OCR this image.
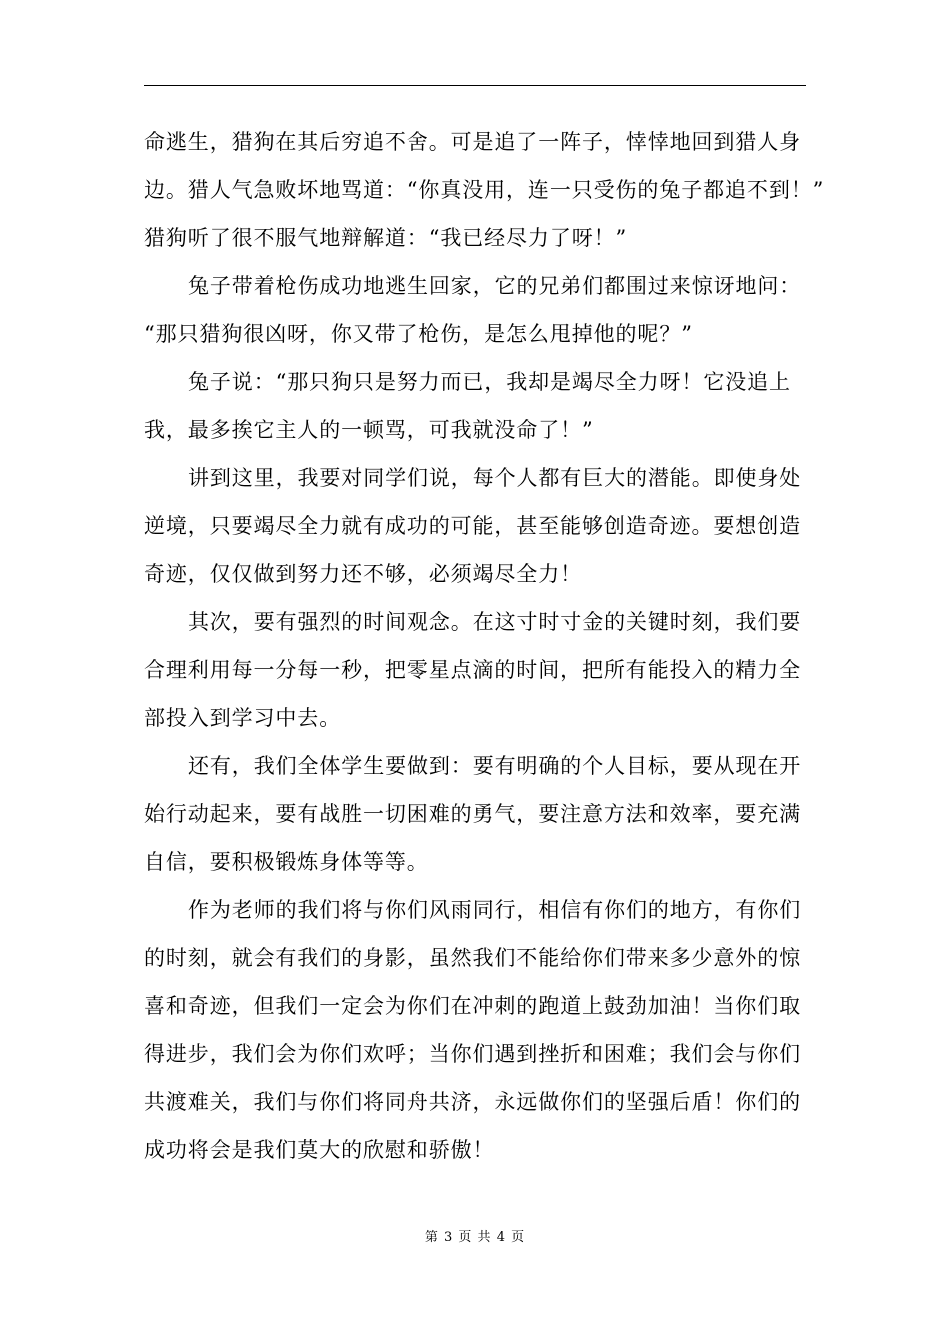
命逃生，猎狗在其后穷追不舍。可是追了一阵子，悻悻地回到猎人身
边。猎人气急败坏地骂道：“你真没用，连一只受伤的兔子都追不到！”
猎狗听了很不服气地辩解道：“我已经尽力了呀！”
兔子带着枪伤成功地逃生回家，它的兄弟们都围过来惊讶地问：
“那只猎狗很凶呀，你又带了枪伤，是怎么甩掉他的呢？”
兔子说：“那只狗只是努力而已，我却是竭尽全力呀！它没追上
我，最多挨它主人的一顿骂，可我就没命了！”
讲到这里，我要对同学们说，每个人都有巨大的潜能。即使身处
逆境，只要竭尽全力就有成功的可能，甚至能够创造奇迹。要想创造
奇迹，仅仅做到努力还不够，必须竭尽全力！
其次，要有强烈的时间观念。在这寸时寸金的关键时刻，我们要
合理利用每一分每一秒，把零星点滴的时间，把所有能投入的精力全
部投入到学习中去。
还有，我们全体学生要做到：要有明确的个人目标，要从现在开
始行动起来，要有战胜一切困难的勇气，要注意方法和效率，要充满
自信，要积极锻炼身体等等。
作为老师的我们将与你们风雨同行，相信有你们的地方，有你们
的时刻，就会有我们的身影，虽然我们不能给你们带来多少意外的惊
喜和奇迹，但我们一定会为你们在冲刺的跑道上鼓劲加油！当你们取
得进步，我们会为你们欢呼；当你们遇到挫折和困难；我们会与你们
共渡难关，我们与你们将同舟共济，永远做你们的坚强后盾！你们的
成功将会是我们莫大的欣慰和骄傲！
第 3 页 共 4 页
